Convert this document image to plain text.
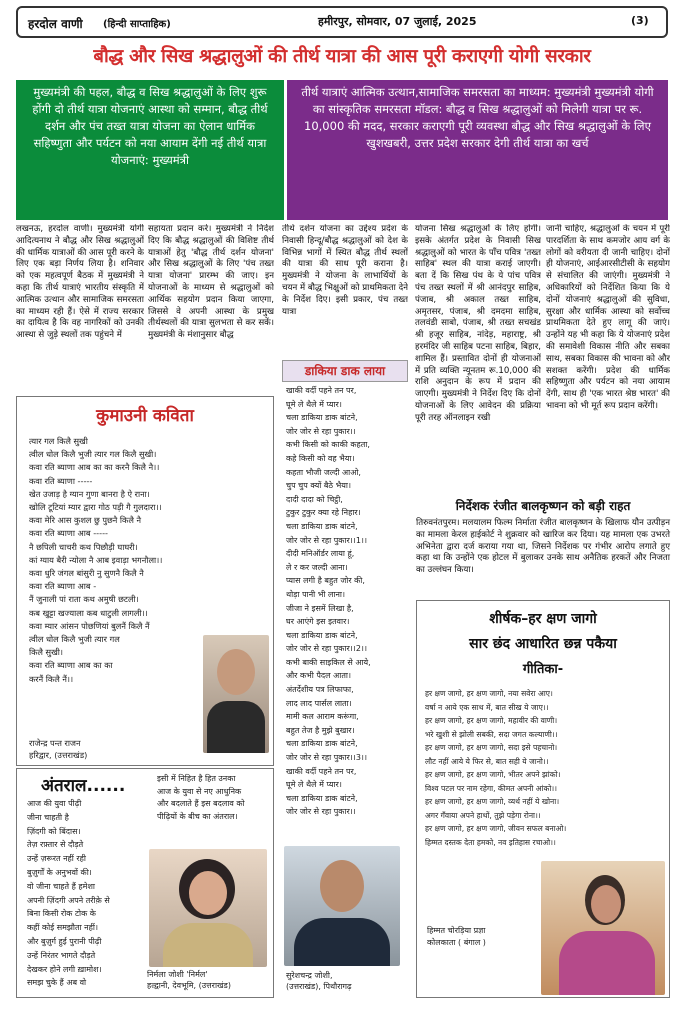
हरदोल वाणी (हिन्दी साप्ताहिक)	हमीरपुर, सोमवार, 07 जुलाई, 2025	(3)
बौद्ध और सिख श्रद्धालुओं की तीर्थ यात्रा की आस पूरी कराएगी योगी सरकार
मुख्यमंत्री की पहल, बौद्ध व सिख श्रद्धालुओं के लिए शुरू होंगी दो तीर्थ यात्रा योजनाएं आस्था को सम्मान, बौद्ध तीर्थ दर्शन और पंच तख्त यात्रा योजना का ऐलान धार्मिक सहिष्णुता और पर्यटन को नया आयाम देंगी नई तीर्थ यात्रा योजनाएं: मुख्यमंत्री
तीर्थ यात्राएं आत्मिक उत्थान,सामाजिक समरसता का माध्यम: मुख्यमंत्री मुख्यमंत्री योगी का सांस्कृतिक समरसता मॉडल: बौद्ध व सिख श्रद्धालुओं को मिलेगी यात्रा पर रू. 10,000 की मदद, सरकार कराएगी पूरी व्यवस्था बौद्ध और सिख श्रद्धालुओं के लिए खुशखबरी, उत्तर प्रदेश सरकार देगी तीर्थ यात्रा का खर्च
लखनऊ, हरदोल वाणी। मुख्यमंत्री योगी आदित्यनाथ ने बौद्ध और सिख श्रद्धालुओं की धार्मिक यात्राओं की आस पूरी करने के लिए एक बड़ा निर्णय लिया है। शनिवार को एक महत्वपूर्ण बैठक में मुख्यमंत्री ने कहा कि तीर्थ यात्राएं भारतीय संस्कृति में आत्मिक उत्थान और सामाजिक समरसता का माध्यम रही हैं। ऐसे में राज्य सरकार का दायित्व है कि वह नागरिकों को उनकी आस्था से जुड़े स्थलों तक पहुंचने में
सहायता प्रदान करे। मुख्यमंत्री ने निर्देश दिए कि बौद्ध श्रद्धालुओं की विशिष्ट तीर्थ यात्राओं हेतु 'बौद्ध तीर्थ दर्शन योजना' और सिख श्रद्धालुओं के लिए 'पंच तख्त यात्रा योजना' प्रारम्भ की जाए। इन योजनाओं के माध्यम से श्रद्धालुओं को आर्थिक सहयोग प्रदान किया जाएगा, जिससे वे अपनी आस्था के प्रमुख तीर्थस्थलों की यात्रा सुलभता से कर सकें। मुख्यमंत्री के मंशानुसार बौद्ध
तीर्थ दर्शन योजना का उद्देश्य प्रदेश के निवासी हिन्दू/बौद्ध श्रद्धालुओं को देश के विभिन्न भागों में स्थित बौद्ध तीर्थ स्थलों की यात्रा की साध पूरी कराना है। मुख्यमंत्री ने योजना के लाभार्थियों के चयन में बौद्ध भिक्षुओं को प्राथमिकता देने के निर्देश दिए। इसी प्रकार, पंच तख्त यात्रा
योजना सिख श्रद्धालुओं के लिए होगी। इसके अंतर्गत प्रदेश के निवासी सिख श्रद्धालुओं को भारत के पाँच पवित्र 'तख्त साहिब' स्थल की यात्रा कराई जाएगी। बता दें कि सिख पंथ के ये पांच पवित्र पंच तख्त स्थलों में श्री आनंदपुर साहिब, पंजाब, श्री अकाल तख्त साहिब, अमृतसर, पंजाब, श्री दमदमा साहिब, तलवंडी साबो, पंजाब, श्री तख्त सचखंड श्री हजूर साहिब, नांदेड़, महाराष्ट्र, श्री हरमंदिर जी साहिब पटना साहिब, बिहार, शामिल हैं। प्रस्तावित दोनों ही योजनाओं में प्रति व्यक्ति न्यूनतम रू.10,000 की राशि अनुदान के रूप में प्रदान की जाएगी। मुख्यमंत्री ने निर्देश दिए कि दोनों योजनाओं के लिए आवेदन की प्रक्रिया पूरी तरह ऑनलाइन रखी
जानी चाहिए, श्रद्धालुओं के चयन में पूरी पारदर्शिता के साथ कमजोर आय वर्ग के लोगों को वरीयता दी जानी चाहिए। दोनों ही योजनाएं, आईआरसीटीसी के सहयोग से संचालित की जाएंगी। मुख्यमंत्री ने अधिकारियों को निर्देशित किया कि ये दोनों योजनाएं श्रद्धालुओं की सुविधा, सुरक्षा और धार्मिक आस्था को सर्वोच्च प्राथमिकता देते हुए लागू की जाएं। उन्होंने यह भी कहा कि ये योजनाएं प्रदेश की समावेशी विकास नीति और सबका साथ, सबका विकास की भावना को और सशक्त करेंगी। प्रदेश की धार्मिक सहिष्णुता और पर्यटन को नया आयाम देंगी, साथ ही 'एक भारत श्रेष्ठ भारत' की भावना को भी मूर्त रूप प्रदान करेंगी।
कुमाउनी कविता
त्यार गल किलै सुखी
त्वील धोल किलै भुजी त्यार गल किलै सुखी।
कवा रति ब्याणा आब का का करनै किलै नै।।
कवा रति ब्याणा -----
खेत उजाड़ है ग्यान गुणा बानरा है ऐ राना।
खोलि टूटियां म्यार द्वारा गोठ पड़ी गै गुलदारा।।
कवा मेरि आस कुशल छु पुछनै किलै नै
कवा रति ब्याणा आब -----
नै छपिली चाचरी कथ पिछौड़ी घाघरी।
कां ग्याय बैरी न्योला नै आब इवाड़ा भगनौला।।
कवा धुरि जंगल बांसुरी नु सुणनै किलै नै
कवा रति ब्याणा आब -
नैं जुनाली पां राता कथ अमुषी छटली।
कब खुट्टा खज्याला कब धाटुली लागली।।
कवा म्यार आंसन पोछणियां बुलनैं किलै नैं
त्वील धोल किलै भुजी त्यार गल
किलै सुखी।
कवा रति ब्याणा आब का का
करनैं किलै नैं।।
राजेन्द्र पन्त राजन
हरिद्वार, (उत्तराखंड)
अंतराल......
आज की युवा पीढ़ी
जीना चाहती है
ज़िंदगी को बिंदास।
तेज़ रफ़्तार से दौड़ते
उन्हें ज़रूरत नहीं रही
बुज़ुर्गों के अनुभवों की।
वो जीना चाहते हैं हमेशा
अपनी ज़िंदगी अपने तरीक़े से
बिना किसी रोक टोक के
कहीं कोई समझौता नहीं।
और बुज़ुर्ग हुई पुरानी पीढ़ी
उन्हें निरंतर भागते दौड़ते
देखकर होने लगी ख़ामोश।
समझ चुके हैं अब वो
इसी में निहित है हित उनका
आज के युवा से नए आधुनिक
और बदलाते हैं इस बदलाव को
पीढ़ियों के बीच का अंतराल।
निर्मला जोशी 'निर्मल'
हल्द्वानी, देवभूमि, (उत्तराखंड)
डाकिया डाक लाया
खाकी वर्दी पहने तन पर,
घूमे ले थैले में प्यार।
चला डाकिया डाक बांटने,
जोर जोर से रहा पुकार।।
कभी किसी को काकी कहता,
कहे किसी को वह भैया।
कहता भौजी जल्दी आओ,
चुप चुप क्यों बैठे भैया।
दादी दादा को चिट्ठी,
टुकुर टुकुर क्या रहे निहार।
चला डाकिया डाक बांटने,
जोर जोर से रहा पुकार।।1।।
दीदी मनिऑर्डर लाया हूं,
ले र कर जल्दी आना।
प्यास लगी है बहुत जोर की,
थोड़ा पानी भी लाना।
जीजा ने इसमें लिखा है,
घर आएंगे इस इतवार।
चला डाकिया डाक बांटने,
जोर जोर से रहा पुकार।।2।।
कभी बाकी साइकिल से आये,
और कभी पैदल आता।
अंतर्देशीय पत्र लिफाफा,
लाद लाद पार्सल लाता।
मामी कल आराम करूंगा,
बहुत तेज है मुझे बुखार।
चला डाकिया डाक बांटने,
जोर जोर से रहा पुकार।।3।।
खाकी वर्दी पहने तन पर,
घूमे ले थैले में प्यार।
चला डाकिया डाक बांटने,
जोर जोर से रहा पुकार।।
सुरेशचन्द्र जोशी,
(उत्तराखंड), पिथौरागढ़
निर्देशक रंजीत बालकृष्णन को बड़ी राहत
तिरुवनंतपुरम। मलयालम फिल्म निर्माता रंजीत बालकृष्णन के खिलाफ यौन उत्पीड़न का मामला केरल हाईकोर्ट ने शुक्रवार को खारिज कर दिया। यह मामला एक उभरते अभिनेता द्वारा दर्ज कराया गया था, जिसने निर्देशक पर गंभीर आरोप लगाते हुए कहा था कि उन्होंने एक होटल में बुलाकर उनके साथ अनैतिक हरकतें और निजता का उल्लंघन किया।
शीर्षक–हर क्षण जागो
सार छंद आधारित छन्न पकैया
गीतिका-
हर क्षण जागो, हर क्षण जागो, नया सवेरा आए।
वर्षा न आये एक साथ में, बात सीख ये जाए।।
हर क्षण जागो, हर क्षण जागो, महावीर की वाणी।
भरे खुशी से झोली सबकी, सदा जगत कल्याणी।।
हर क्षण जागो, हर क्षण जागो, सदा इसे पहचानो।
लौट नहीं आये ये फिर से, बात सही ये जानो।।
हर क्षण जागो, हर क्षण जागो, भीतर अपने झांको।
विश्व पटल पर नाम रहेगा, कीमत अपनी आंको।।
हर क्षण जागो, हर क्षण जागो, व्यर्थ नहीं ये खोना।
अगर गँवाया अपने हाथों, तुझे पड़ेगा रोना।।
हर क्षण जागो, हर क्षण जागो, जीवन सफल बनाओ।
हिम्मत दस्तक देता हमको, नव इतिहास रचाओ।।
हिम्मत चोरड़िया प्रज्ञा
कोलकाता ( बंगाल )
